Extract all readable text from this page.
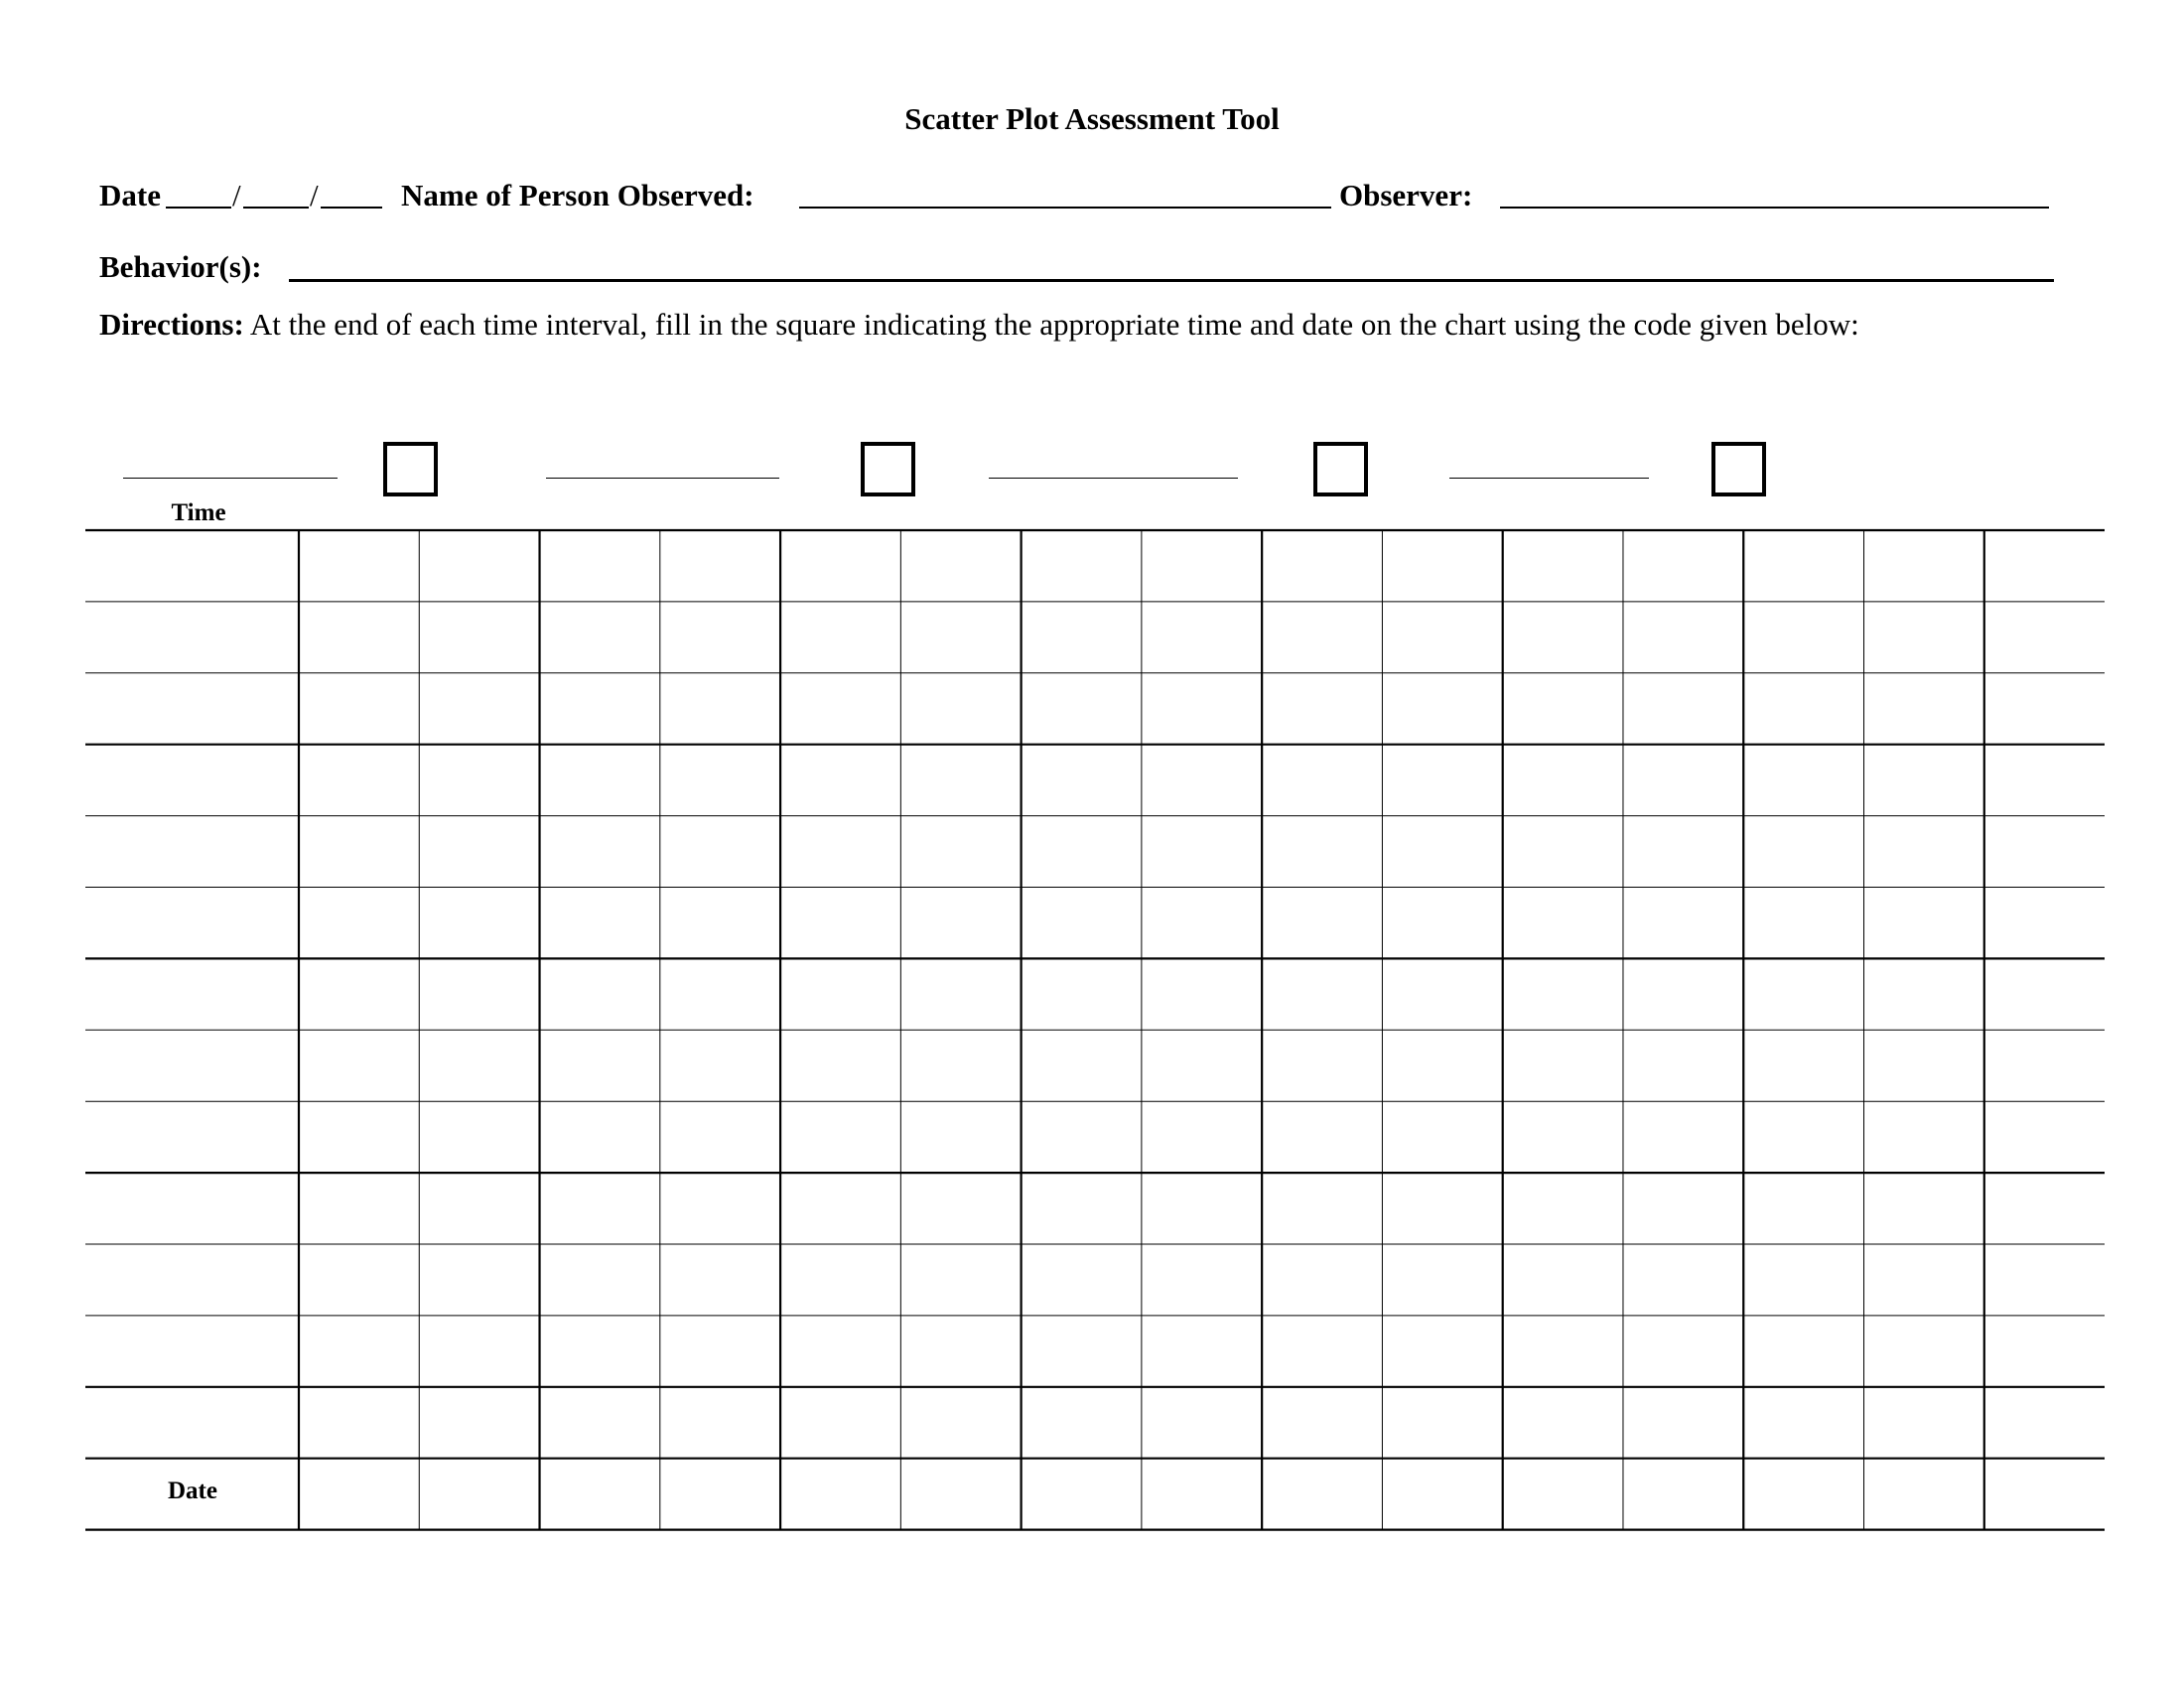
Scatter Plot Assessment Tool
Date / /	Name of Person Observed:	Observer:
Behavior(s):
Directions: At the end of each time interval, fill in the square indicating the appropriate time and date on the chart using the code given below:
Time
